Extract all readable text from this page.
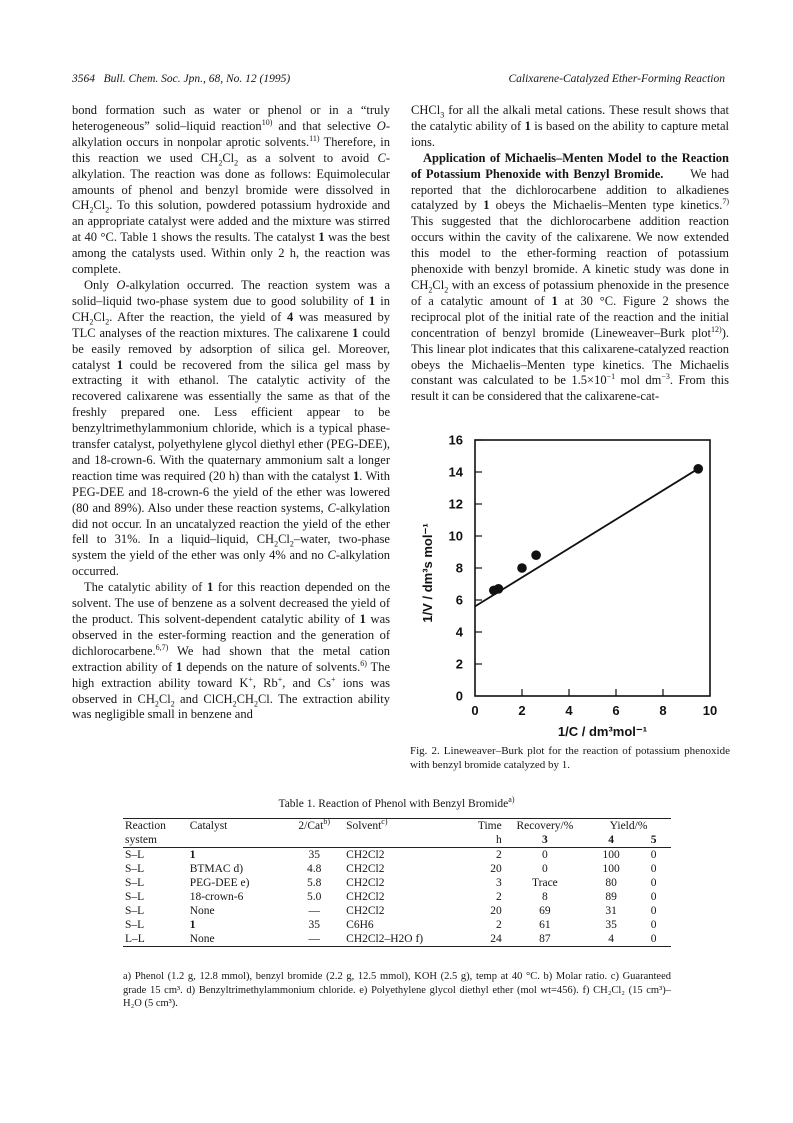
3564 Bull. Chem. Soc. Jpn., 68, No. 12 (1995)	Calixarene-Catalyzed Ether-Forming Reaction

bond formation such as water or phenol or in a “truly heterogeneous” solid–liquid reaction$^{10)}$ and that selective O-alkylation occurs in nonpolar aprotic solvents.$^{11)}$ Therefore, in this reaction we used $CH_2Cl_2$ as a solvent to avoid C-alkylation. The reaction was done as follows: Equimolecular amounts of phenol and benzyl bromide were dissolved in $CH_2Cl_2$. To this solution, powdered potassium hydroxide and an appropriate catalyst were added and the mixture was stirred at 40 °C. Table 1 shows the results. The catalyst 1 was the best among the catalysts used. Within only 2 h, the reaction was complete.

Only O-alkylation occurred. The reaction system was a solid–liquid two-phase system due to good solubility of 1 in $CH_2Cl_2$. After the reaction, the yield of 4 was measured by TLC analyses of the reaction mixtures. The calixarene 1 could be easily removed by adsorption of silica gel. Moreover, catalyst 1 could be recovered from the silica gel mass by extracting it with ethanol. The catalytic activity of the recovered calixarene was essentially the same as that of the freshly prepared one. Less efficient appear to be benzyltrimethylammonium chloride, which is a typical phase-transfer catalyst, polyethylene glycol diethyl ether (PEG-DEE), and 18-crown-6. With the quaternary ammonium salt a longer reaction time was required (20 h) than with the catalyst 1. With PEG-DEE and 18-crown-6 the yield of the ether was lowered (80 and 89%). Also under these reaction systems, C-alkylation did not occur. In an uncatalyzed reaction the yield of the ether fell to 31%. In a liquid–liquid, $CH_2Cl_2$–water, two-phase system the yield of the ether was only 4% and no C-alkylation occurred.

The catalytic ability of 1 for this reaction depended on the solvent. The use of benzene as a solvent decreased the yield of the product. This solvent-dependent catalytic ability of 1 was observed in the ester-forming reaction and the generation of dichlorocarbene.$^{6,7)}$ We had shown that the metal cation extraction ability of 1 depends on the nature of solvents.$^{6)}$ The high extraction ability toward K+, Rb+, and Cs+ ions was observed in $CH_2Cl_2$ and $ClCH_2CH_2Cl$. The extraction ability was negligible small in benzene and

CHCl$_3$ for all the alkali metal cations. These result shows that the catalytic ability of 1 is based on the ability to capture metal ions.

Application of Michaelis–Menten Model to the Reaction of Potassium Phenoxide with Benzyl Bromide.      We had reported that the dichlorocarbene addition to alkadienes catalyzed by 1 obeys the Michaelis–Menten type kinetics.$^{7)}$ This suggested that the dichlorocarbene addition reaction occurs within the cavity of the calixarene. We now extended this model to the ether-forming reaction of potassium phenoxide with benzyl bromide. A kinetic study was done in $CH_2Cl_2$ with an excess of potassium phenoxide in the presence of a catalytic amount of 1 at 30 °C. Figure 2 shows the reciprocal plot of the initial rate of the reaction and the initial concentration of benzyl bromide (Lineweaver–Burk plot$^{12)}$). This linear plot indicates that this calixarene-catalyzed reaction obeys the Michaelis–Menten type kinetics. The Michaelis constant was calculated to be $1.5\times 10^{-1}$ mol $dm^{-3}$. From this result it can be considered that the calixarene-cat-

0
2
4
6
8
10
12
14
16
0	2	4	6	8	10
1/C / dm³mol⁻¹
1/V / dm³s mol⁻¹
Fig. 2. Lineweaver–Burk plot for the reaction of potassium phenoxide with benzyl bromide catalyzed by 1.
Table 1. Reaction of Phenol with Benzyl Bromide$^{a)}$
Reaction	Catalyst	2/Cat$^{b)}$	Solvent$^{c)}$	Time	Recovery/%	Yield/%	
system				h	3	4	5
S–L	1	35	CH2Cl2	2	0	100	0
S–L	BTMAC d)	4.8	CH2Cl2	20	0	100	0
S–L	PEG-DEE e)	5.8	CH2Cl2	3	Trace	80	0
S–L	18-crown-6	5.0	CH2Cl2	2	8	89	0
S–L	None	—	CH2Cl2	20	69	31	0
S–L	1	35	C6H6	2	61	35	0
L–L	None	—	CH2Cl2–H2O f)	24	87	4	0

a) Phenol (1.2 g, 12.8 mmol), benzyl bromide (2.2 g, 12.5 mmol), KOH (2.5 g), temp at 40 °C. b) Molar ratio. c) Guaranteed grade 15 cm³. d) Benzyltrimethylammonium chloride. e) Polyethylene glycol diethyl ether (mol wt=456). f) CH₂Cl₂ (15 cm³)–H₂O (5 cm³).
